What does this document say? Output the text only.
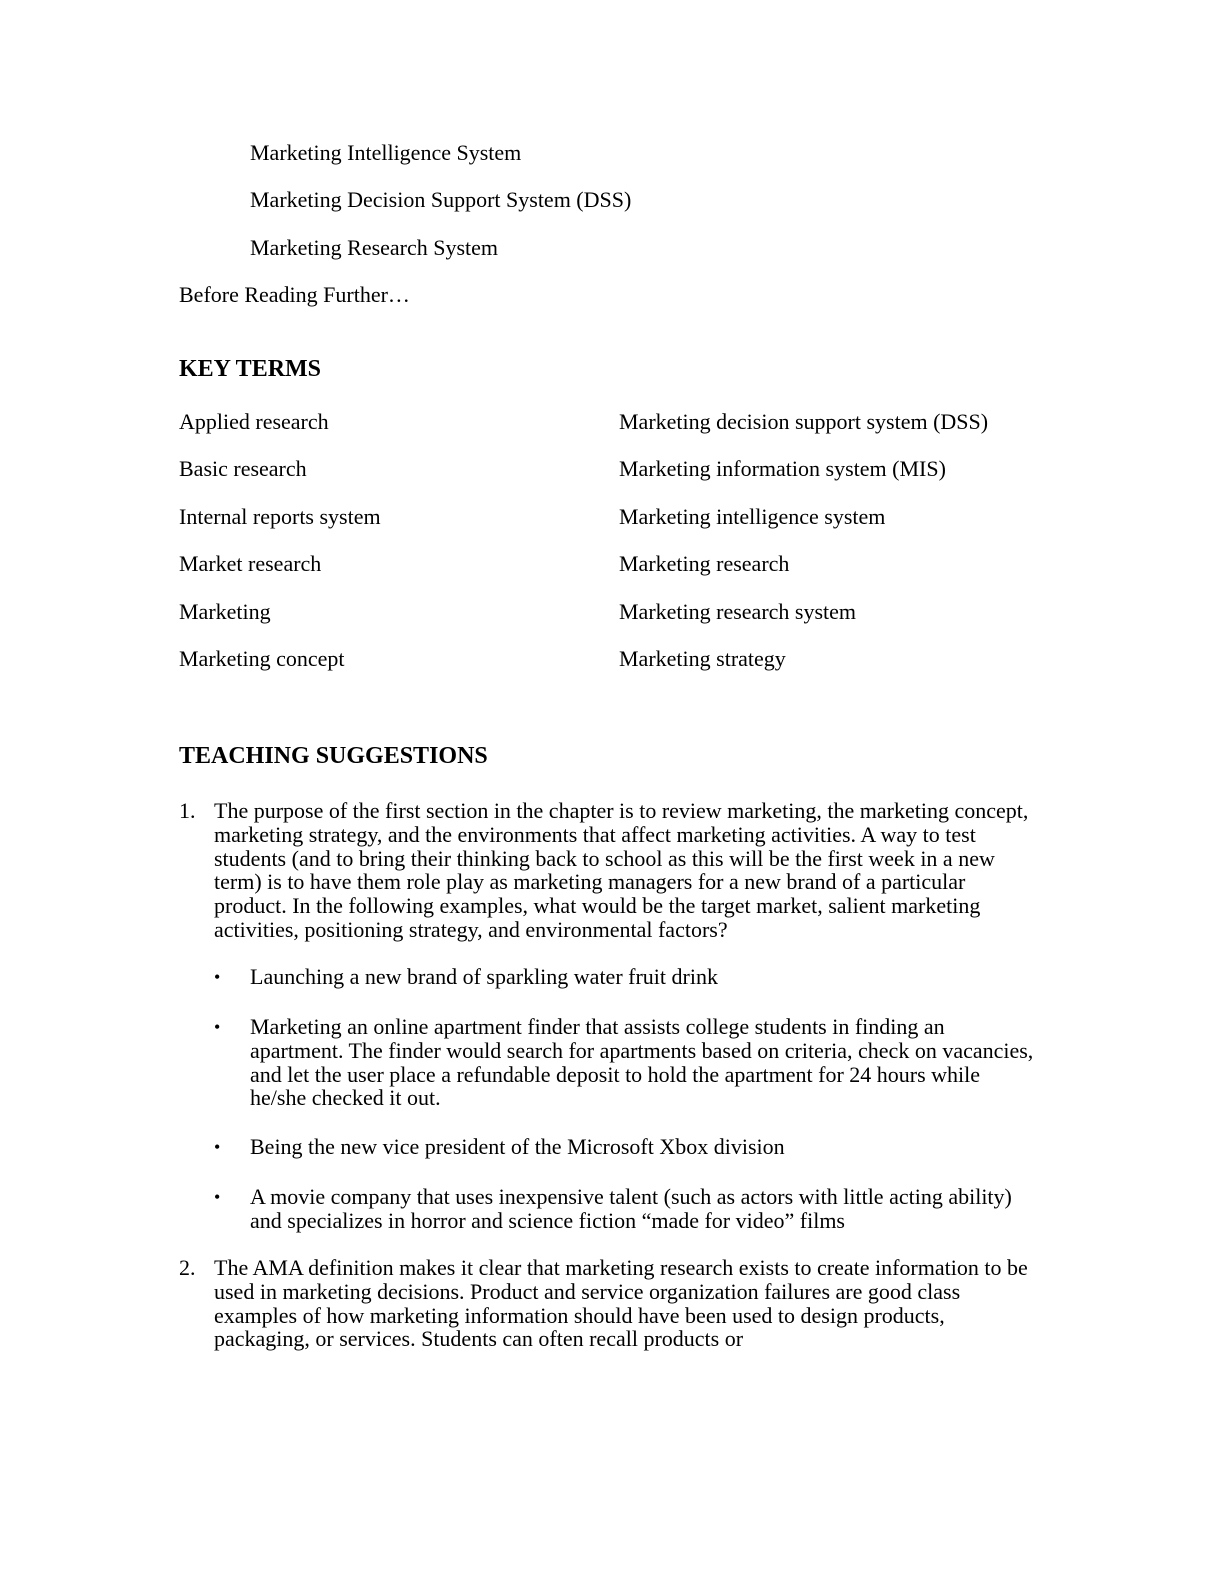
Marketing Intelligence System
Marketing Decision Support System (DSS)
Marketing Research System
Before Reading Further…
KEY TERMS
Applied research
Basic research
Internal reports system
Market research
Marketing
Marketing concept
Marketing decision support system (DSS)
Marketing information system (MIS)
Marketing intelligence system
Marketing research
Marketing research system
Marketing strategy
TEACHING SUGGESTIONS
1. The purpose of the first section in the chapter is to review marketing, the marketing concept, marketing strategy, and the environments that affect marketing activities. A way to test students (and to bring their thinking back to school as this will be the first week in a new term) is to have them role play as marketing managers for a new brand of a particular product. In the following examples, what would be the target market, salient marketing activities, positioning strategy, and environmental factors?
• Launching a new brand of sparkling water fruit drink
• Marketing an online apartment finder that assists college students in finding an apartment. The finder would search for apartments based on criteria, check on vacancies, and let the user place a refundable deposit to hold the apartment for 24 hours while he/she checked it out.
• Being the new vice president of the Microsoft Xbox division
• A movie company that uses inexpensive talent (such as actors with little acting ability) and specializes in horror and science fiction “made for video” films
2. The AMA definition makes it clear that marketing research exists to create information to be used in marketing decisions. Product and service organization failures are good class examples of how marketing information should have been used to design products, packaging, or services. Students can often recall products or
